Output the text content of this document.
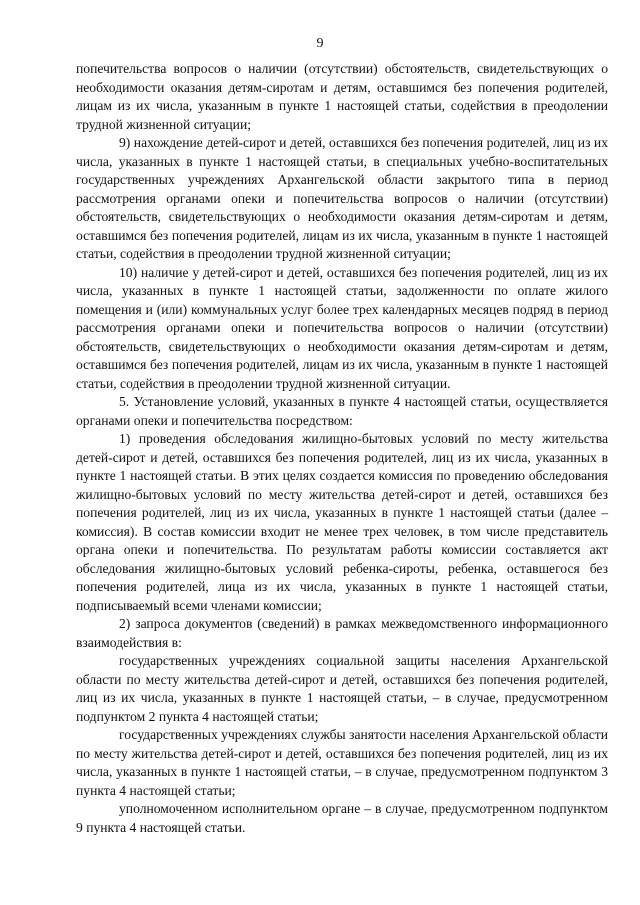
9

попечительства вопросов о наличии (отсутствии) обстоятельств, свидетельствующих о необходимости оказания детям-сиротам и детям, оставшимся без попечения родителей, лицам из их числа, указанным в пункте 1 настоящей статьи, содействия в преодолении трудной жизненной ситуации;

9) нахождение детей-сирот и детей, оставшихся без попечения родителей, лиц из их числа, указанных в пункте 1 настоящей статьи, в специальных учебно-воспитательных государственных учреждениях Архангельской области закрытого типа в период рассмотрения органами опеки и попечительства вопросов о наличии (отсутствии) обстоятельств, свидетельствующих о необходимости оказания детям-сиротам и детям, оставшимся без попечения родителей, лицам из их числа, указанным в пункте 1 настоящей статьи, содействия в преодолении трудной жизненной ситуации;

10) наличие у детей-сирот и детей, оставшихся без попечения родителей, лиц из их числа, указанных в пункте 1 настоящей статьи, задолженности по оплате жилого помещения и (или) коммунальных услуг более трех календарных месяцев подряд в период рассмотрения органами опеки и попечительства вопросов о наличии (отсутствии) обстоятельств, свидетельствующих о необходимости оказания детям-сиротам и детям, оставшимся без попечения родителей, лицам из их числа, указанным в пункте 1 настоящей статьи, содействия в преодолении трудной жизненной ситуации.

5. Установление условий, указанных в пункте 4 настоящей статьи, осуществляется органами опеки и попечительства посредством:

1) проведения обследования жилищно-бытовых условий по месту жительства детей-сирот и детей, оставшихся без попечения родителей, лиц из их числа, указанных в пункте 1 настоящей статьи. В этих целях создается комиссия по проведению обследования жилищно-бытовых условий по месту жительства детей-сирот и детей, оставшихся без попечения родителей, лиц из их числа, указанных в пункте 1 настоящей статьи (далее – комиссия). В состав комиссии входит не менее трех человек, в том числе представитель органа опеки и попечительства. По результатам работы комиссии составляется акт обследования жилищно-бытовых условий ребенка-сироты, ребенка, оставшегося без попечения родителей, лица из их числа, указанных в пункте 1 настоящей статьи, подписываемый всеми членами комиссии;

2) запроса документов (сведений) в рамках межведомственного информационного взаимодействия в:

государственных учреждениях социальной защиты населения Архангельской области по месту жительства детей-сирот и детей, оставшихся без попечения родителей, лиц из их числа, указанных в пункте 1 настоящей статьи, – в случае, предусмотренном подпунктом 2 пункта 4 настоящей статьи;

государственных учреждениях службы занятости населения Архангельской области по месту жительства детей-сирот и детей, оставшихся без попечения родителей, лиц из их числа, указанных в пункте 1 настоящей статьи, – в случае, предусмотренном подпунктом 3 пункта 4 настоящей статьи;

уполномоченном исполнительном органе – в случае, предусмотренном подпунктом 9 пункта 4 настоящей статьи.
